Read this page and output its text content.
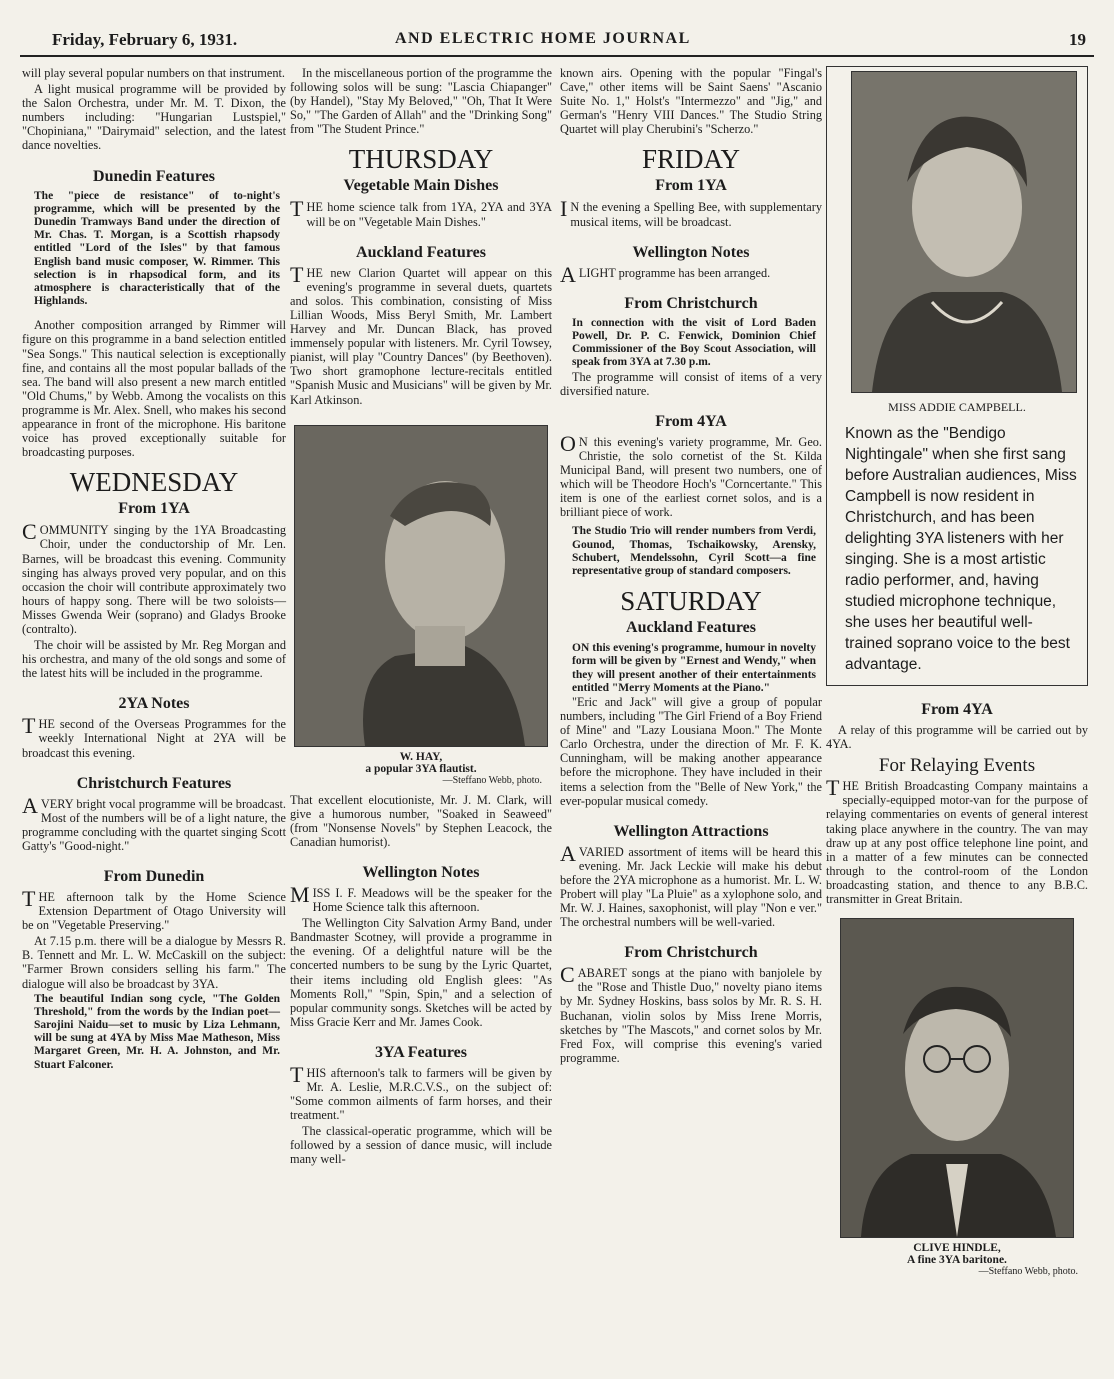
Friday, February 6, 1931.	AND ELECTRIC HOME JOURNAL	19

will play several popular numbers on that instrument.

A light musical programme will be provided by the Salon Orchestra, under Mr. M. T. Dixon, the numbers including: "Hungarian Lustspiel," "Chopiniana," "Dairymaid" selection, and the latest dance novelties.

Dunedin Features
The "piece de resistance" of to-night's programme, which will be presented by the Dunedin Tramways Band under the direction of Mr. Chas. T. Morgan, is a Scottish rhapsody entitled "Lord of the Isles" by that famous English band music composer, W. Rimmer. This selection is in rhapsodical form, and its atmosphere is characteristically that of the Highlands.

Another composition arranged by Rimmer will figure on this programme in a band selection entitled "Sea Songs." This nautical selection is exceptionally fine, and contains all the most popular ballads of the sea. The band will also present a new march entitled "Old Chums," by Webb. Among the vocalists on this programme is Mr. Alex. Snell, who makes his second appearance in front of the microphone. His baritone voice has proved exceptionally suitable for broadcasting purposes.

WEDNESDAY
From 1YA

COMMUNITY singing by the 1YA Broadcasting Choir, under the conductorship of Mr. Len. Barnes, will be broadcast this evening. Community singing has always proved very popular, and on this occasion the choir will contribute approximately two hours of happy song. There will be two soloists—Misses Gwenda Weir (soprano) and Gladys Brooke (contralto).

The choir will be assisted by Mr. Reg Morgan and his orchestra, and many of the old songs and some of the latest hits will be included in the programme.

2YA Notes

THE second of the Overseas Programmes for the weekly International Night at 2YA will be broadcast this evening.

Christchurch Features

AVERY bright vocal programme will be broadcast. Most of the numbers will be of a light nature, the programme concluding with the quartet singing Scott Gatty's "Good-night."

From Dunedin

THE afternoon talk by the Home Science Extension Department of Otago University will be on "Vegetable Preserving."

At 7.15 p.m. there will be a dialogue by Messrs R. B. Tennett and Mr. L. W. McCaskill on the subject: "Farmer Brown considers selling his farm." The dialogue will also be broadcast by 3YA.

The beautiful Indian song cycle, "The Golden Threshold," from the words by the Indian poet—Sarojini Naidu—set to music by Liza Lehmann, will be sung at 4YA by Miss Mae Matheson, Miss Margaret Green, Mr. H. A. Johnston, and Mr. Stuart Falconer.

In the miscellaneous portion of the programme the following solos will be sung: "Lascia Chiapanger" (by Handel), "Stay My Beloved," "Oh, That It Were So," "The Garden of Allah" and the "Drinking Song" from "The Student Prince."

THURSDAY
Vegetable Main Dishes

THE home science talk from 1YA, 2YA and 3YA will be on "Vegetable Main Dishes."

Auckland Features

THE new Clarion Quartet will appear on this evening's programme in several duets, quartets and solos. This combination, consisting of Miss Lillian Woods, Miss Beryl Smith, Mr. Lambert Harvey and Mr. Duncan Black, has proved immensely popular with listeners. Mr. Cyril Towsey, pianist, will play "Country Dances" (by Beethoven). Two short gramophone lecture-recitals entitled "Spanish Music and Musicians" will be given by Mr. Karl Atkinson.

W. HAY,
a popular 3YA flautist.
—Steffano Webb, photo.

That excellent elocutioniste, Mr. J. M. Clark, will give a humorous number, "Soaked in Seaweed" (from "Nonsense Novels" by Stephen Leacock, the Canadian humorist).

Wellington Notes

MISS I. F. Meadows will be the speaker for the Home Science talk this afternoon.

The Wellington City Salvation Army Band, under Bandmaster Scotney, will provide a programme in the evening. Of a delightful nature will be the concerted numbers to be sung by the Lyric Quartet, their items including old English glees: "As Moments Roll," "Spin, Spin," and a selection of popular community songs. Sketches will be acted by Miss Gracie Kerr and Mr. James Cook.

3YA Features

THIS afternoon's talk to farmers will be given by Mr. A. Leslie, M.R.C.V.S., on the subject of: "Some common ailments of farm horses, and their treatment."

The classical-operatic programme, which will be followed by a session of dance music, will include many well-

known airs. Opening with the popular "Fingal's Cave," other items will be Saint Saens' "Ascanio Suite No. 1," Holst's "Intermezzo" and "Jig," and German's "Henry VIII Dances." The Studio String Quartet will play Cherubini's "Scherzo."

FRIDAY
From 1YA

IN the evening a Spelling Bee, with supplementary musical items, will be broadcast.

Wellington Notes

ALIGHT programme has been arranged.

From Christchurch
In connection with the visit of Lord Baden Powell, Dr. P. C. Fenwick, Dominion Chief Commissioner of the Boy Scout Association, will speak from 3YA at 7.30 p.m.

The programme will consist of items of a very diversified nature.

From 4YA

ON this evening's variety programme, Mr. Geo. Christie, the solo cornetist of the St. Kilda Municipal Band, will present two numbers, one of which will be Theodore Hoch's "Corncertante." This item is one of the earliest cornet solos, and is a brilliant piece of work.

The Studio Trio will render numbers from Verdi, Gounod, Thomas, Tschaikowsky, Arensky, Schubert, Mendelssohn, Cyril Scott—a fine representative group of standard composers.
SATURDAY
Auckland Features
ON this evening's programme, humour in novelty form will be given by "Ernest and Wendy," when they will present another of their entertainments entitled "Merry Moments at the Piano."

"Eric and Jack" will give a group of popular numbers, including "The Girl Friend of a Boy Friend of Mine" and "Lazy Lousiana Moon." The Monte Carlo Orchestra, under the direction of Mr. F. K. Cunningham, will be making another appearance before the microphone. They have included in their items a selection from the "Belle of New York," the ever-popular musical comedy.

Wellington Attractions

AVARIED assortment of items will be heard this evening. Mr. Jack Leckie will make his debut before the 2YA microphone as a humorist. Mr. L. W. Probert will play "La Pluie" as a xylophone solo, and Mr. W. J. Haines, saxophonist, will play "Non e ver." The orchestral numbers will be well-varied.

From Christchurch

CABARET songs at the piano with banjolele by the "Rose and Thistle Duo," novelty piano items by Mr. Sydney Hoskins, bass solos by Mr. R. S. H. Buchanan, violin solos by Miss Irene Morris, sketches by "The Mascots," and cornet solos by Mr. Fred Fox, will comprise this evening's varied programme.

MISS ADDIE CAMPBELL.
Known as the "Bendigo Nightingale" when she first sang before Australian audiences, Miss Campbell is now resident in Christchurch, and has been delighting 3YA listeners with her singing. She is a most artistic radio performer, and, having studied microphone technique, she uses her beautiful well-trained soprano voice to the best advantage.
From 4YA

A relay of this programme will be carried out by 4YA.

For Relaying Events

THE British Broadcasting Company maintains a specially-equipped motor-van for the purpose of relaying commentaries on events of general interest taking place anywhere in the country. The van may draw up at any post office telephone line point, and in a matter of a few minutes can be connected through to the control-room of the London broadcasting station, and thence to any B.B.C. transmitter in Great Britain.

CLIVE HINDLE,
A fine 3YA baritone.
—Steffano Webb, photo.
